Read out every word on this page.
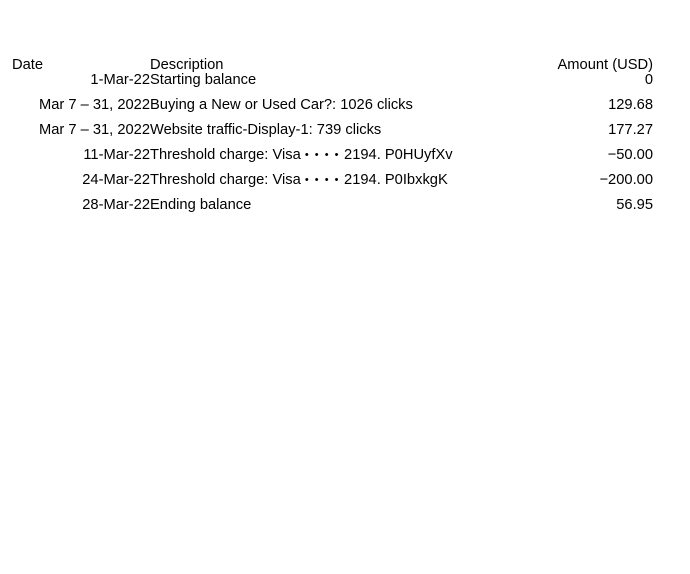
Date	Description	Amount (USD)
1-Mar-22	Starting balance	0
Mar 7 – 31, 2022	Buying a New or Used Car?: 1026 clicks	129.68
Mar 7 – 31, 2022	Website traffic-Display-1: 739 clicks	177.27
11-Mar-22	Threshold charge: Visa • • • • 2194. P0HUyfXv	−50.00
24-Mar-22	Threshold charge: Visa • • • • 2194. P0IbxkgK	−200.00
28-Mar-22	Ending balance	56.95
